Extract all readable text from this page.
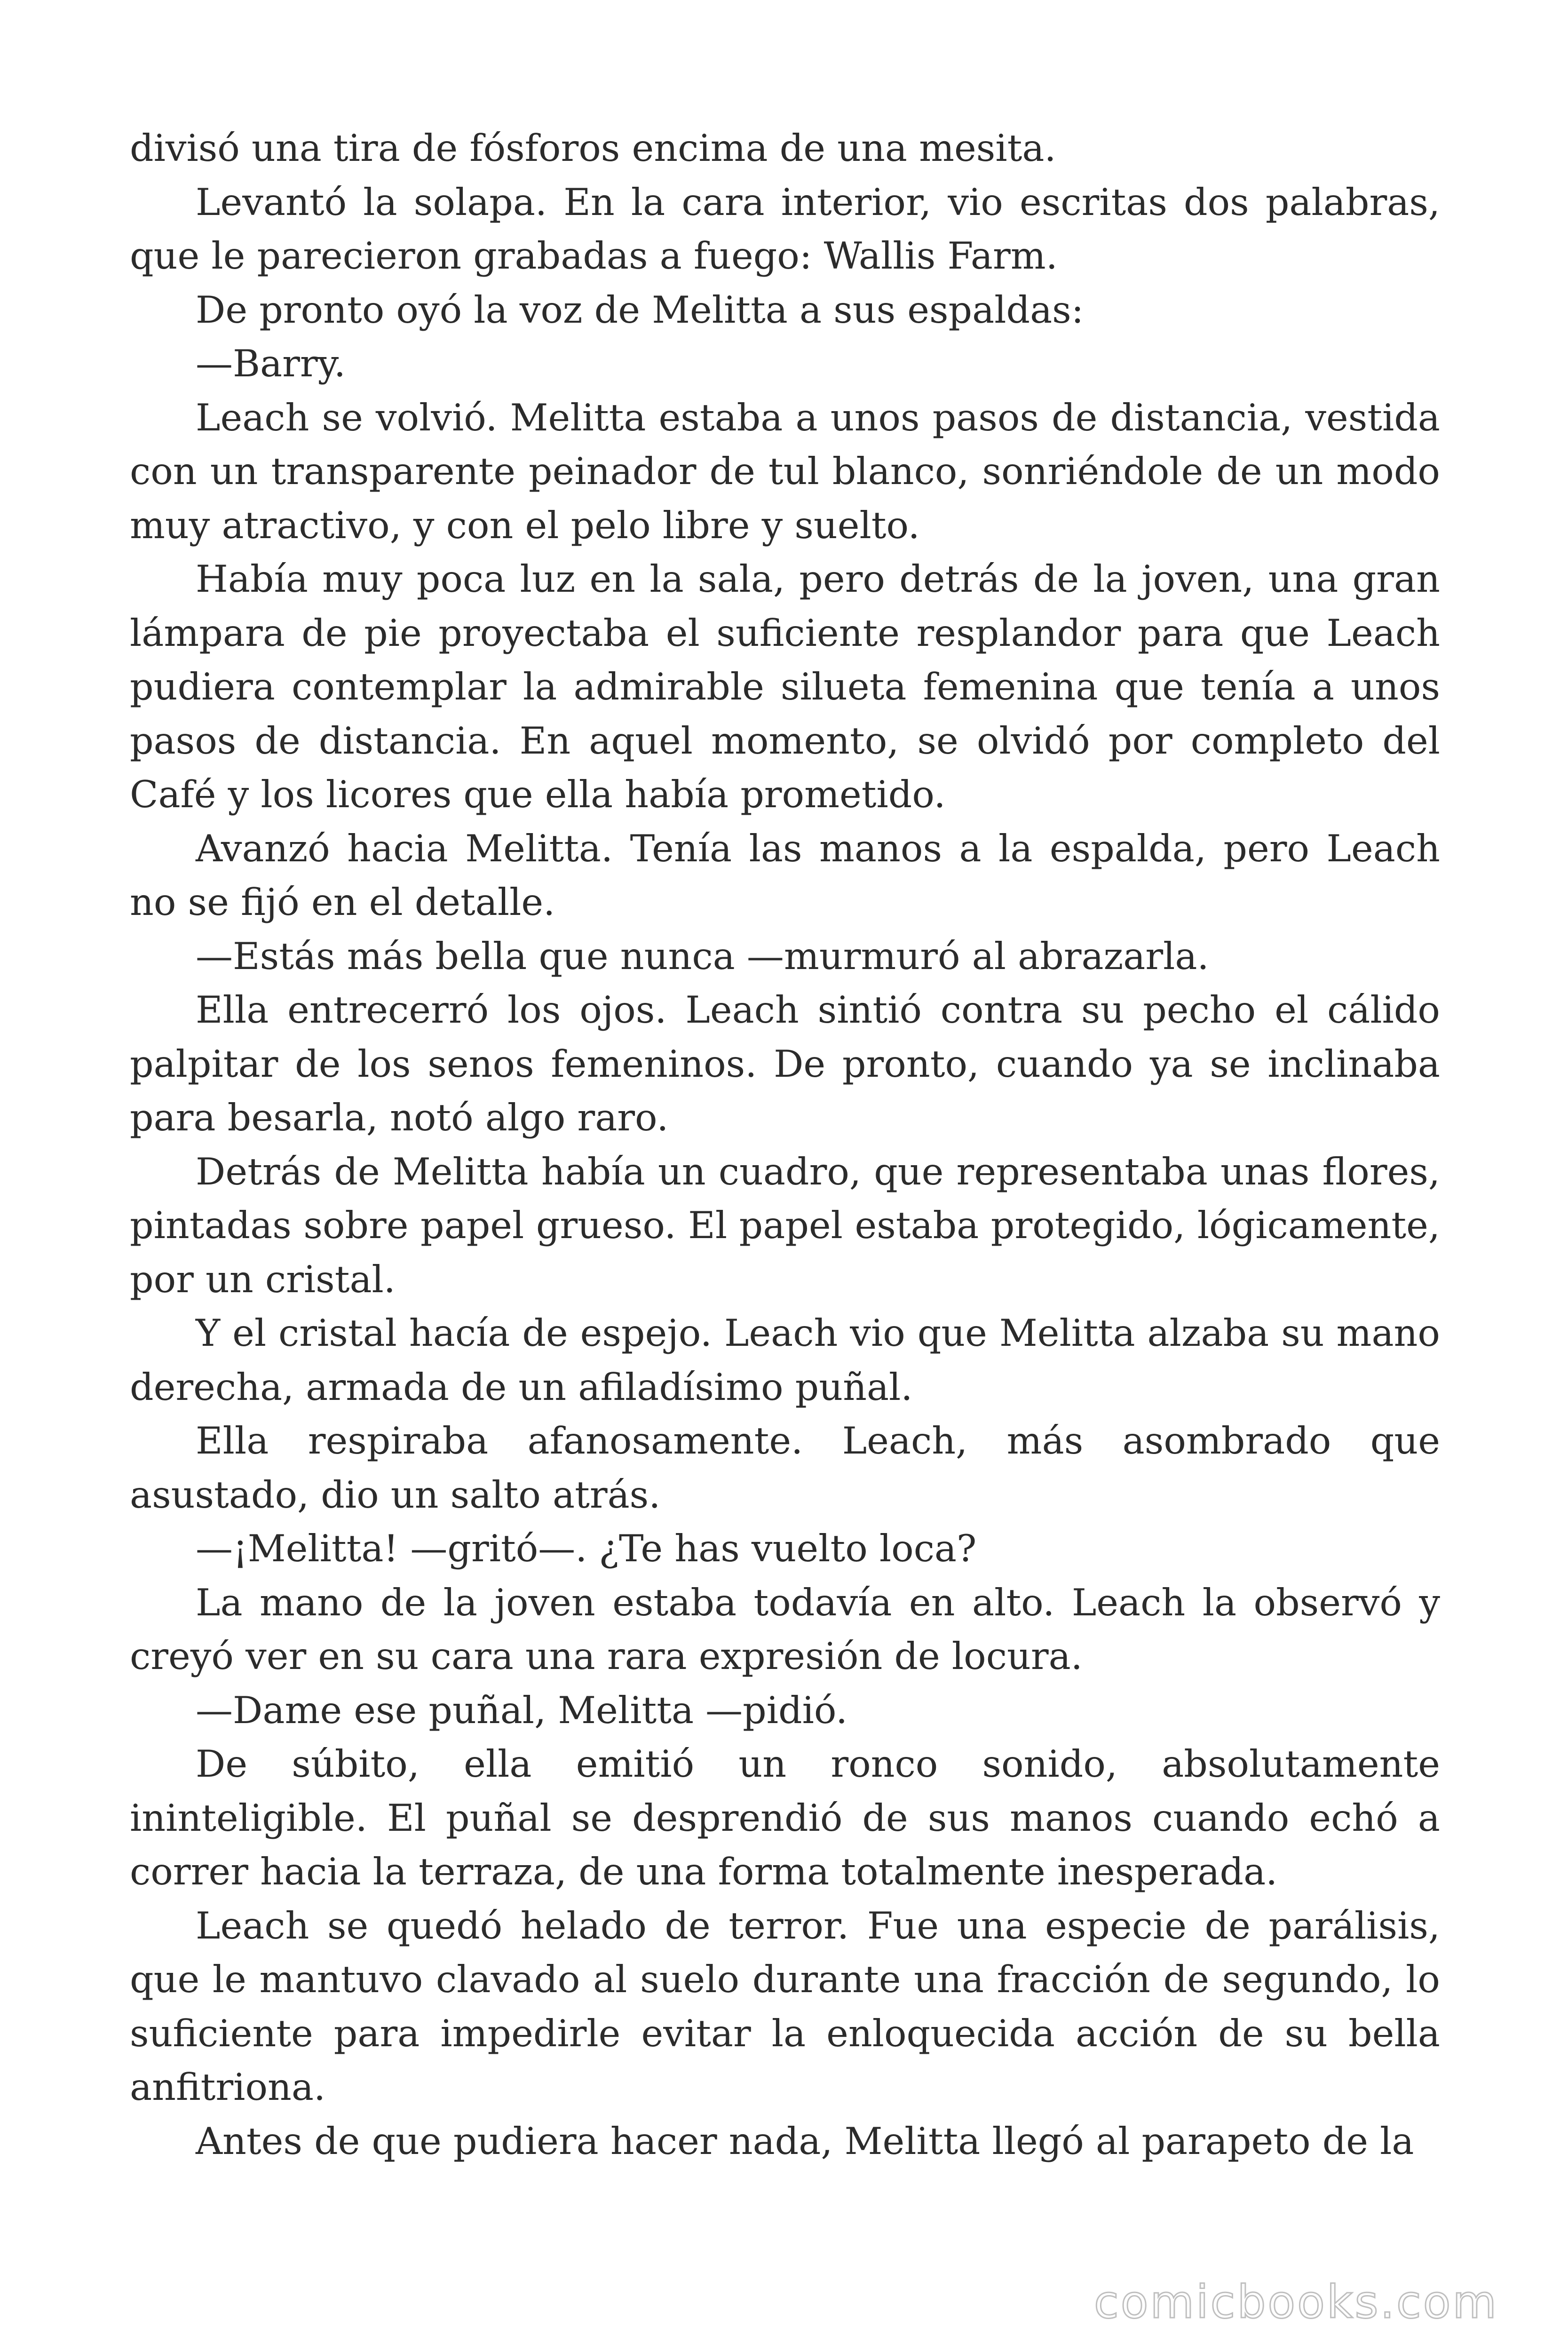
divisó una tira de fósforos encima de una mesita.

Levantó la solapa. En la cara interior, vio escritas dos palabras, que le parecieron grabadas a fuego: Wallis Farm.

De pronto oyó la voz de Melitta a sus espaldas:

—Barry.

Leach se volvió. Melitta estaba a unos pasos de distancia, vestida con un transparente peinador de tul blanco, sonriéndole de un modo muy atractivo, y con el pelo libre y suelto.

Había muy poca luz en la sala, pero detrás de la joven, una gran lámpara de pie proyectaba el suficiente resplandor para que Leach pudiera contemplar la admirable silueta femenina que tenía a unos pasos de distancia. En aquel momento, se olvidó por completo del Café y los licores que ella había prometido.

Avanzó hacia Melitta. Tenía las manos a la espalda, pero Leach no se fijó en el detalle.

—Estás más bella que nunca —murmuró al abrazarla.

Ella entrecerró los ojos. Leach sintió contra su pecho el cálido palpitar de los senos femeninos. De pronto, cuando ya se inclinaba para besarla, notó algo raro.

Detrás de Melitta había un cuadro, que representaba unas flores, pintadas sobre papel grueso. El papel estaba protegido, lógicamente, por un cristal.

Y el cristal hacía de espejo. Leach vio que Melitta alzaba su mano derecha, armada de un afiladísimo puñal.

Ella respiraba afanosamente. Leach, más asombrado que asustado, dio un salto atrás.

—¡Melitta! —gritó—. ¿Te has vuelto loca?

La mano de la joven estaba todavía en alto. Leach la observó y creyó ver en su cara una rara expresión de locura.

—Dame ese puñal, Melitta —pidió.

De súbito, ella emitió un ronco sonido, absolutamente ininteligible. El puñal se desprendió de sus manos cuando echó a correr hacia la terraza, de una forma totalmente inesperada.

Leach se quedó helado de terror. Fue una especie de parálisis, que le mantuvo clavado al suelo durante una fracción de segundo, lo suficiente para impedirle evitar la enloquecida acción de su bella anfitriona.

Antes de que pudiera hacer nada, Melitta llegó al parapeto de la

comicbooks.com
